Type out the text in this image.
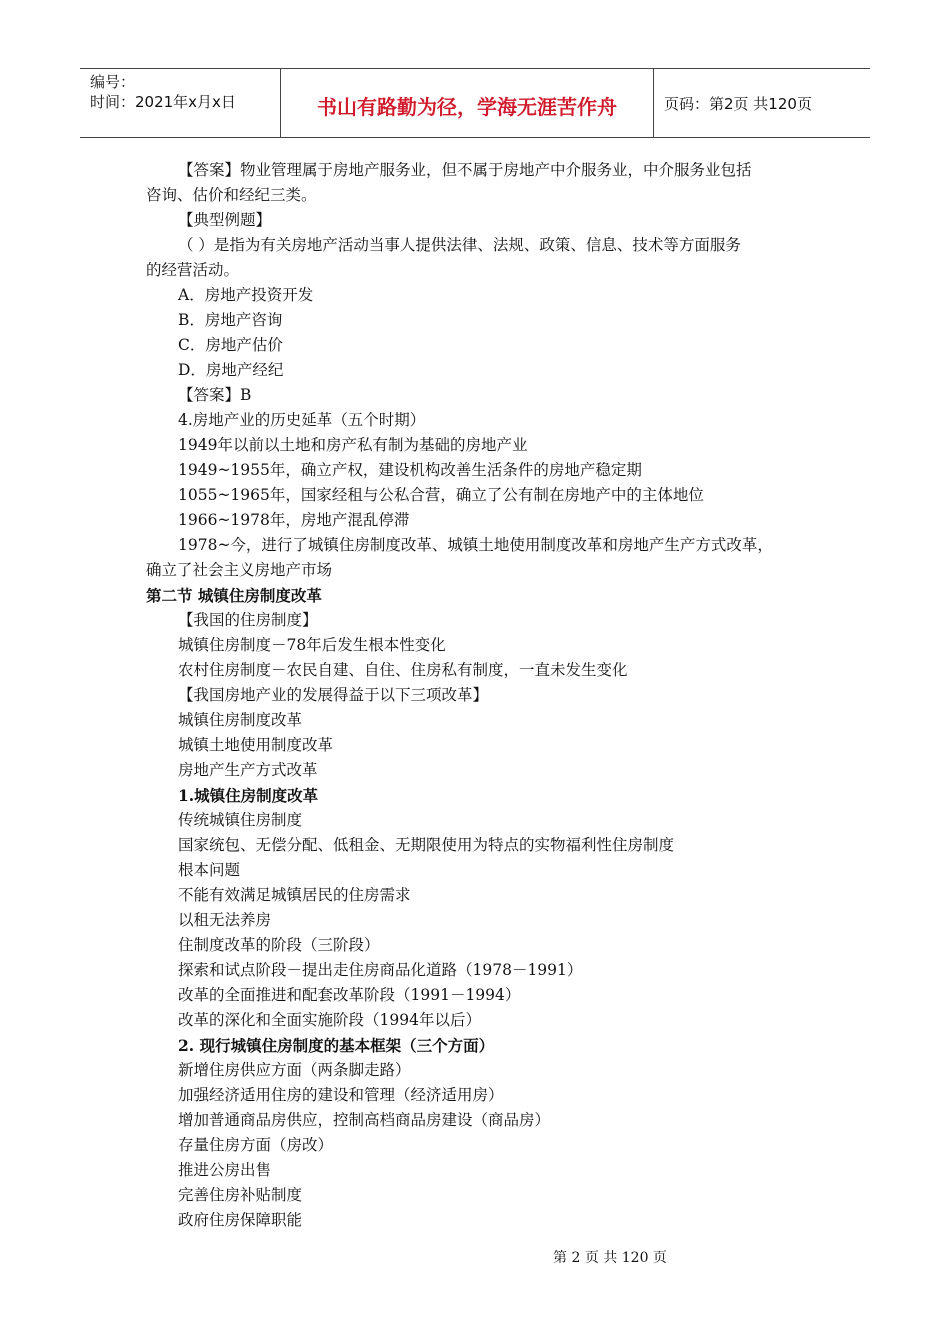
编号：
时间：2021年x月x日	书山有路勤为径，学海无涯苦作舟	页码：第2页 共120页

【答案】物业管理属于房地产服务业，但不属于房地产中介服务业，中介服务业包括

咨询、估价和经纪三类。

【典型例题】

（ ）是指为有关房地产活动当事人提供法律、法规、政策、信息、技术等方面服务

的经营活动。

A．房地产投资开发

B．房地产咨询

C．房地产估价

D．房地产经纪

【答案】B

4.房地产业的历史延革（五个时期）

1949年以前以土地和房产私有制为基础的房地产业

1949~1955年，确立产权，建设机构改善生活条件的房地产稳定期

1055~1965年，国家经租与公私合营，确立了公有制在房地产中的主体地位

1966~1978年，房地产混乱停滞

1978~今，进行了城镇住房制度改革、城镇土地使用制度改革和房地产生产方式改革，

确立了社会主义房地产市场

第二节 城镇住房制度改革

【我国的住房制度】

城镇住房制度－78年后发生根本性变化

农村住房制度－农民自建、自住、住房私有制度，一直未发生变化

【我国房地产业的发展得益于以下三项改革】

城镇住房制度改革

城镇土地使用制度改革

房地产生产方式改革

1.城镇住房制度改革

传统城镇住房制度

国家统包、无偿分配、低租金、无期限使用为特点的实物福利性住房制度

根本问题

不能有效满足城镇居民的住房需求

以租无法养房

住制度改革的阶段（三阶段）

探索和试点阶段－提出走住房商品化道路（1978－1991）

改革的全面推进和配套改革阶段（1991－1994）

改革的深化和全面实施阶段（1994年以后）

2. 现行城镇住房制度的基本框架（三个方面）

新增住房供应方面（两条脚走路）

加强经济适用住房的建设和管理（经济适用房）

增加普通商品房供应，控制高档商品房建设（商品房）

存量住房方面（房改）

推进公房出售

完善住房补贴制度

政府住房保障职能

第 2 页 共 120 页
